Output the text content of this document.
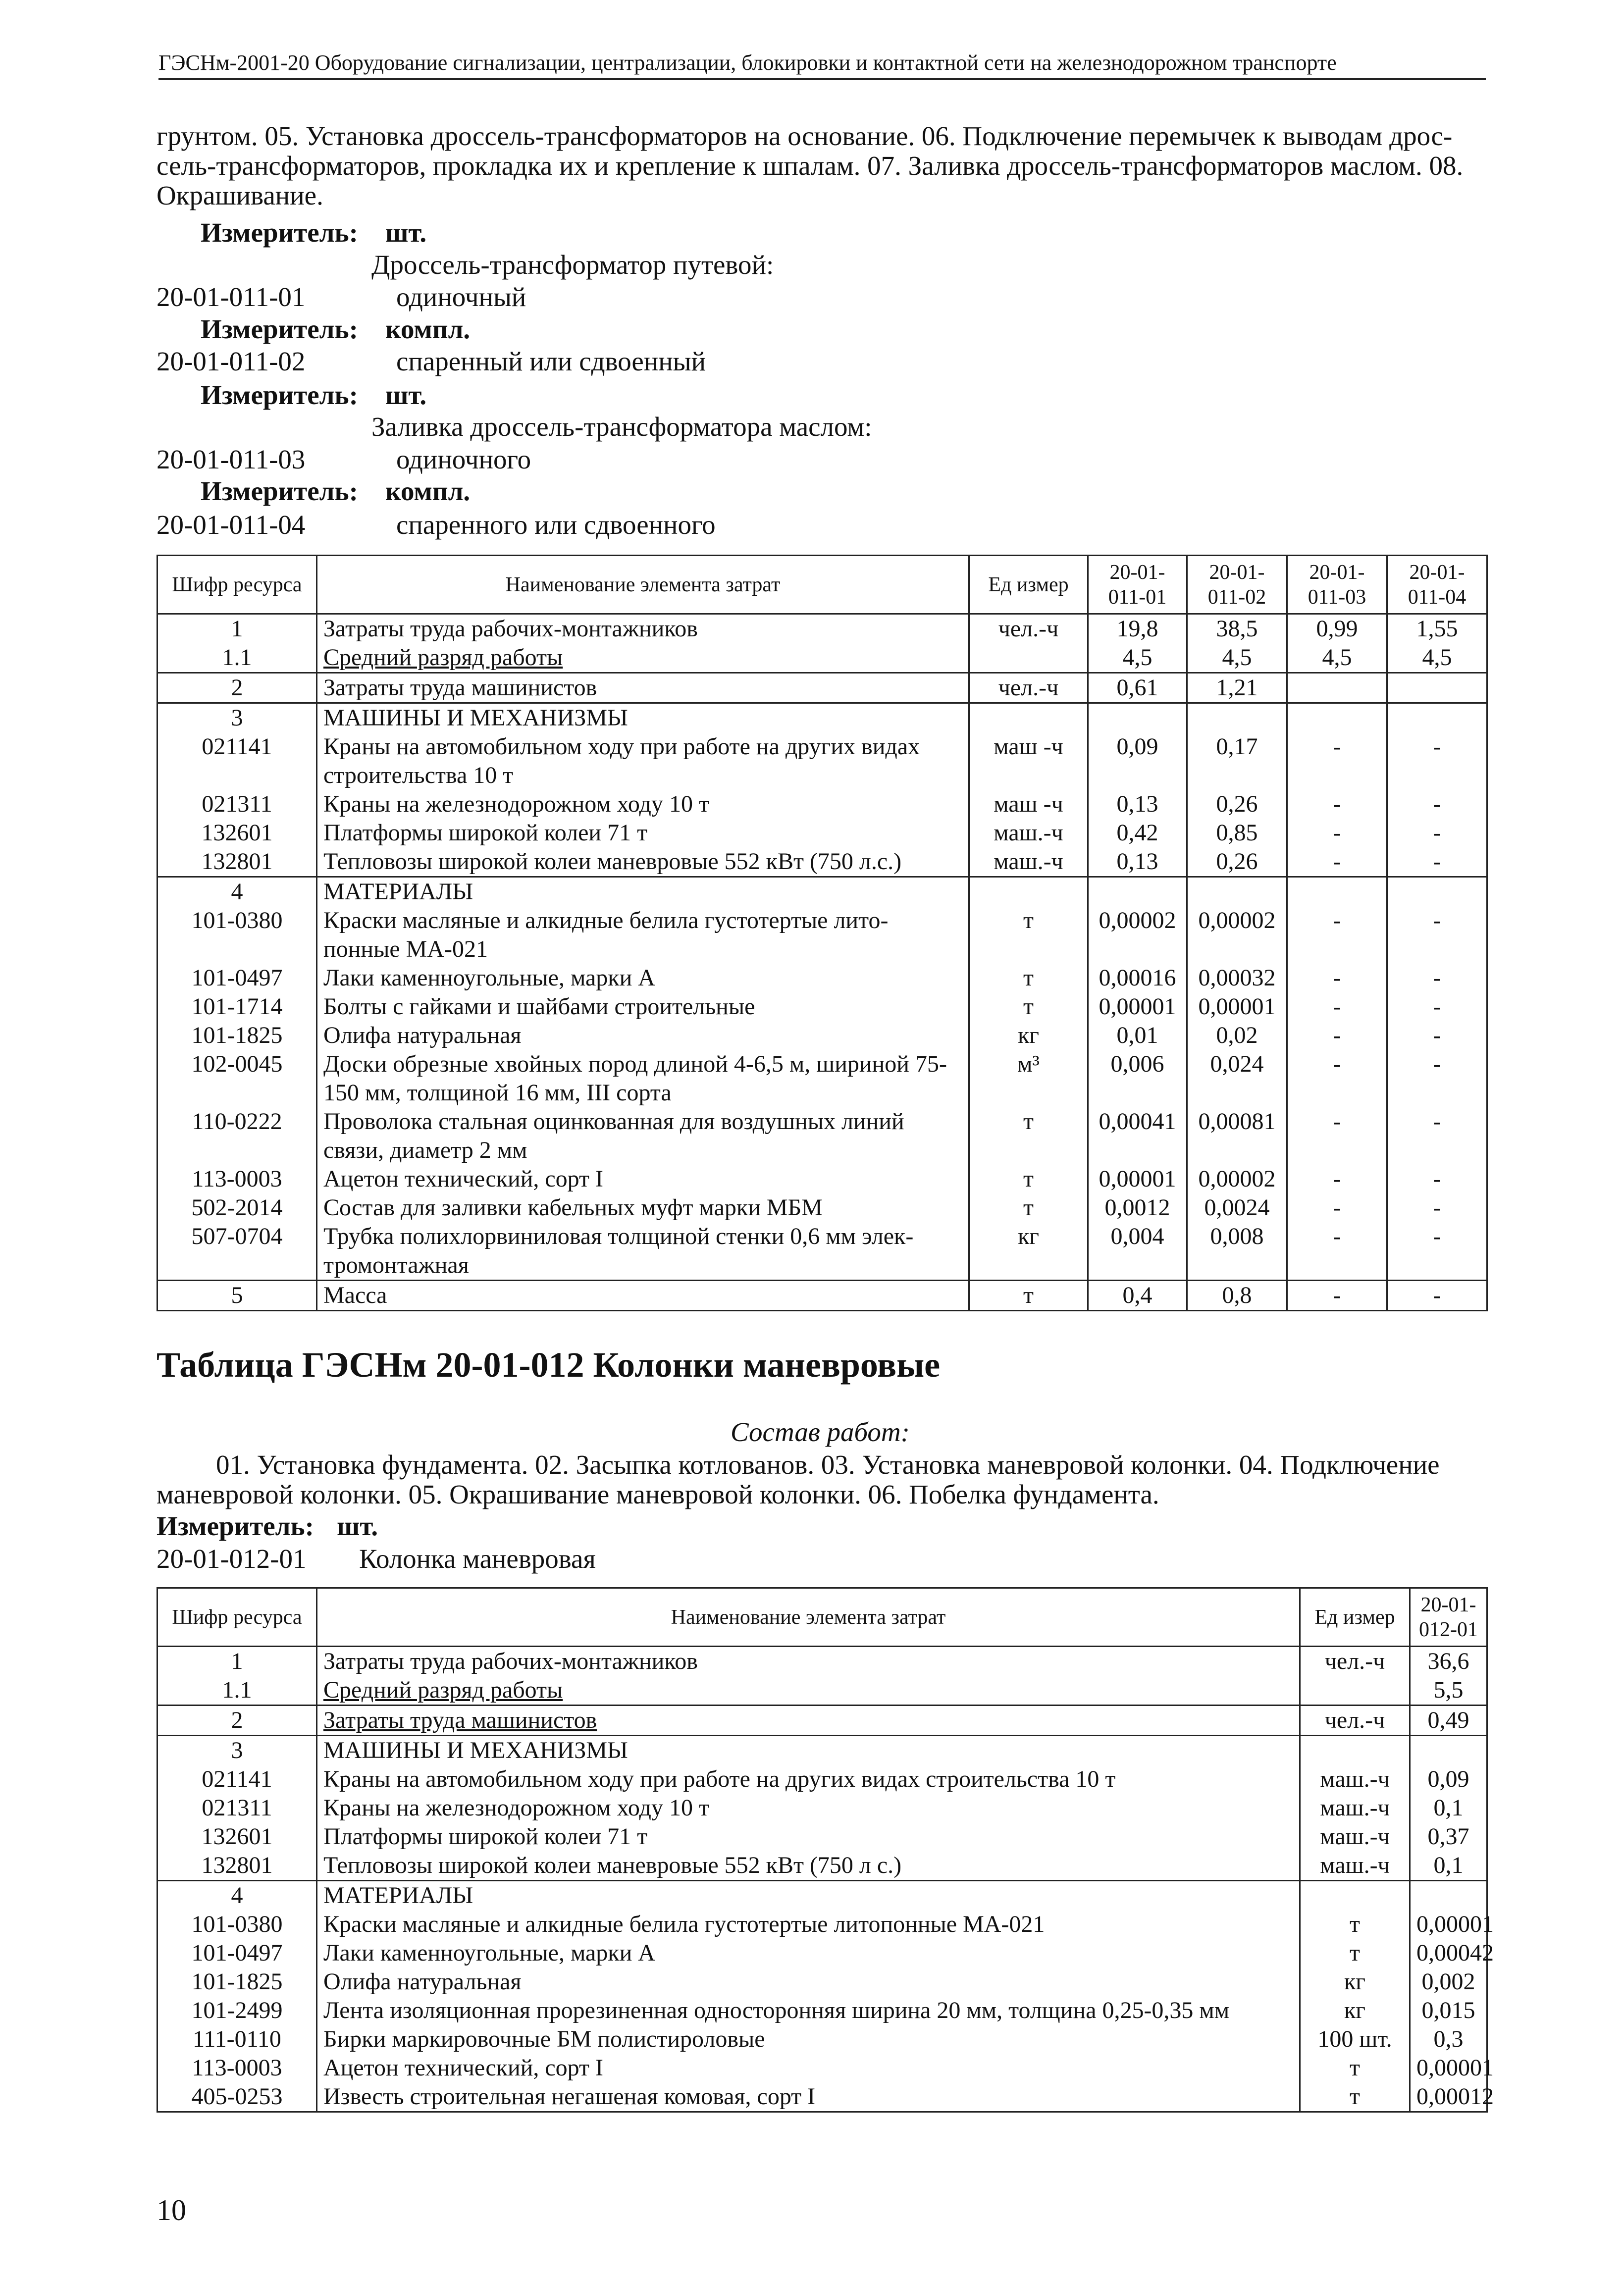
ГЭСНм-2001-20 Оборудование сигнализации, централизации, блокировки и контактной сети на железнодорожном транспорте
грунтом. 05. Установка дроссель-трансформаторов на основание. 06. Подключение перемычек к выводам дрос-
сель-трансформаторов, прокладка их и крепление к шпалам. 07. Заливка дроссель-трансформаторов маслом. 08.
Окрашивание.
Измеритель: шт.
Дроссель-трансформатор путевой:
20-01-011-01	одиночный
Измеритель: компл.
20-01-011-02	спаренный или сдвоенный
Измеритель: шт.
Заливка дроссель-трансформатора маслом:
20-01-011-03	одиночного
Измеритель: компл.
20-01-011-04	спаренного или сдвоенного
Шифр ресурса	Наименование элемента затрат	Ед измер	20-01-011-01	20-01-011-02	20-01-011-03	20-01-011-04
1	Затраты труда рабочих-монтажников	чел.-ч	19,8	38,5	0,99	1,55
1.1	Средний разряд работы		4,5	4,5	4,5	4,5
2	Затраты труда машинистов	чел.-ч	0,61	1,21		
3	МАШИНЫ И МЕХАНИЗМЫ					
021141	Краны на автомобильном ходу при работе на других видах строительства 10 т	маш -ч	0,09	0,17	-	-
021311	Краны на железнодорожном ходу 10 т	маш -ч	0,13	0,26	-	-
132601	Платформы широкой колеи 71 т	маш.-ч	0,42	0,85	-	-
132801	Тепловозы широкой колеи маневровые 552 кВт (750 л.с.)	маш.-ч	0,13	0,26	-	-
4	МАТЕРИАЛЫ					
101-0380	Краски масляные и алкидные белила густотертые лито-понные МА-021	т	0,00002	0,00002	-	-
101-0497	Лаки каменноугольные, марки А	т	0,00016	0,00032	-	-
101-1714	Болты с гайками и шайбами строительные	т	0,00001	0,00001	-	-
101-1825	Олифа натуральная	кг	0,01	0,02	-	-
102-0045	Доски обрезные хвойных пород длиной 4-6,5 м, шириной 75-150 мм, толщиной 16 мм, III сорта	м³	0,006	0,024	-	-
110-0222	Проволока стальная оцинкованная для воздушных линий связи, диаметр 2 мм	т	0,00041	0,00081	-	-
113-0003	Ацетон технический, сорт I	т	0,00001	0,00002	-	-
502-2014	Состав для заливки кабельных муфт марки МБМ	т	0,0012	0,0024	-	-
507-0704	Трубка полихлорвиниловая толщиной стенки 0,6 мм элек-тромонтажная	кг	0,004	0,008	-	-
5	Масса	т	0,4	0,8	-	-
Таблица ГЭСНм 20-01-012 Колонки маневровые
Состав работ:
01. Установка фундамента. 02. Засыпка котлованов. 03. Установка маневровой колонки. 04. Подключение
маневровой колонки. 05. Окрашивание маневровой колонки. 06. Побелка фундамента.
Измеритель: шт.
20-01-012-01 Колонка маневровая
Шифр ресурса	Наименование элемента затрат	Ед измер	20-01-012-01
1	Затраты труда рабочих-монтажников	чел.-ч	36,6
1.1	Средний разряд работы		5,5
2	Затраты труда машинистов	чел.-ч	0,49
3	МАШИНЫ И МЕХАНИЗМЫ		
021141	Краны на автомобильном ходу при работе на других видах строительства 10 т	маш.-ч	0,09
021311	Краны на железнодорожном ходу 10 т	маш.-ч	0,1
132601	Платформы широкой колеи 71 т	маш.-ч	0,37
132801	Тепловозы широкой колеи маневровые 552 кВт (750 л с.)	маш.-ч	0,1
4	МАТЕРИАЛЫ		
101-0380	Краски масляные и алкидные белила густотертые литопонные МА-021	т	0,00001
101-0497	Лаки каменноугольные, марки А	т	0,00042
101-1825	Олифа натуральная	кг	0,002
101-2499	Лента изоляционная прорезиненная односторонняя ширина 20 мм, толщина 0,25-0,35 мм	кг	0,015
111-0110	Бирки маркировочные БМ полистироловые	100 шт.	0,3
113-0003	Ацетон технический, сорт I	т	0,00001
405-0253	Известь строительная негашеная комовая, сорт I	т	0,00012
10
